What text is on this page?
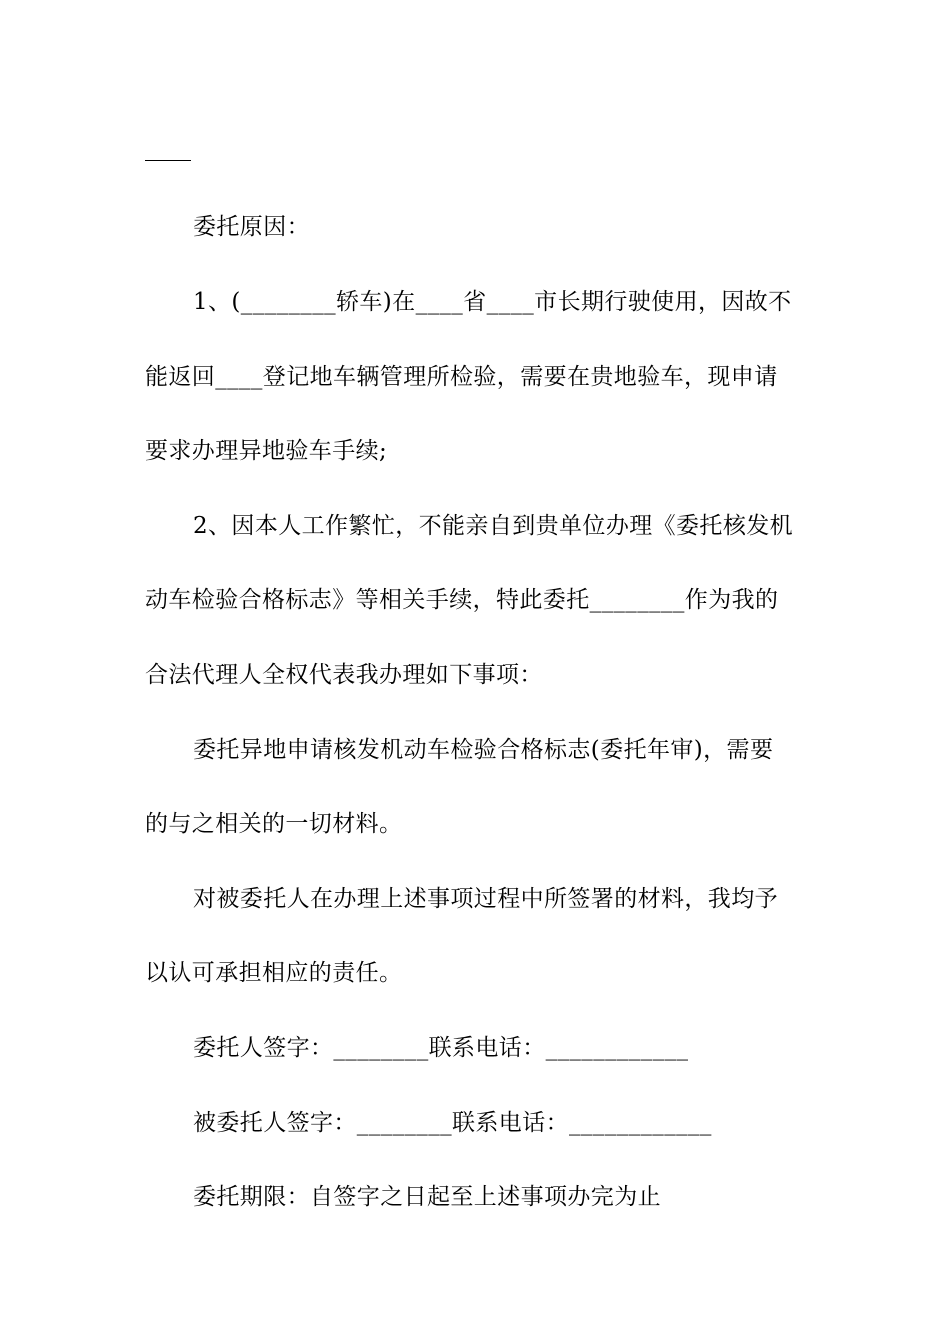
委托原因：
1、(________轿车)在____省____市长期行驶使用，因故不
能返回____登记地车辆管理所检验，需要在贵地验车，现申请
要求办理异地验车手续;
2、因本人工作繁忙，不能亲自到贵单位办理《委托核发机
动车检验合格标志》等相关手续，特此委托________作为我的
合法代理人全权代表我办理如下事项：
委托异地申请核发机动车检验合格标志(委托年审)，需要
的与之相关的一切材料。
对被委托人在办理上述事项过程中所签署的材料，我均予
以认可承担相应的责任。
委托人签字：________联系电话：____________
被委托人签字：________联系电话：____________
委托期限：自签字之日起至上述事项办完为止
